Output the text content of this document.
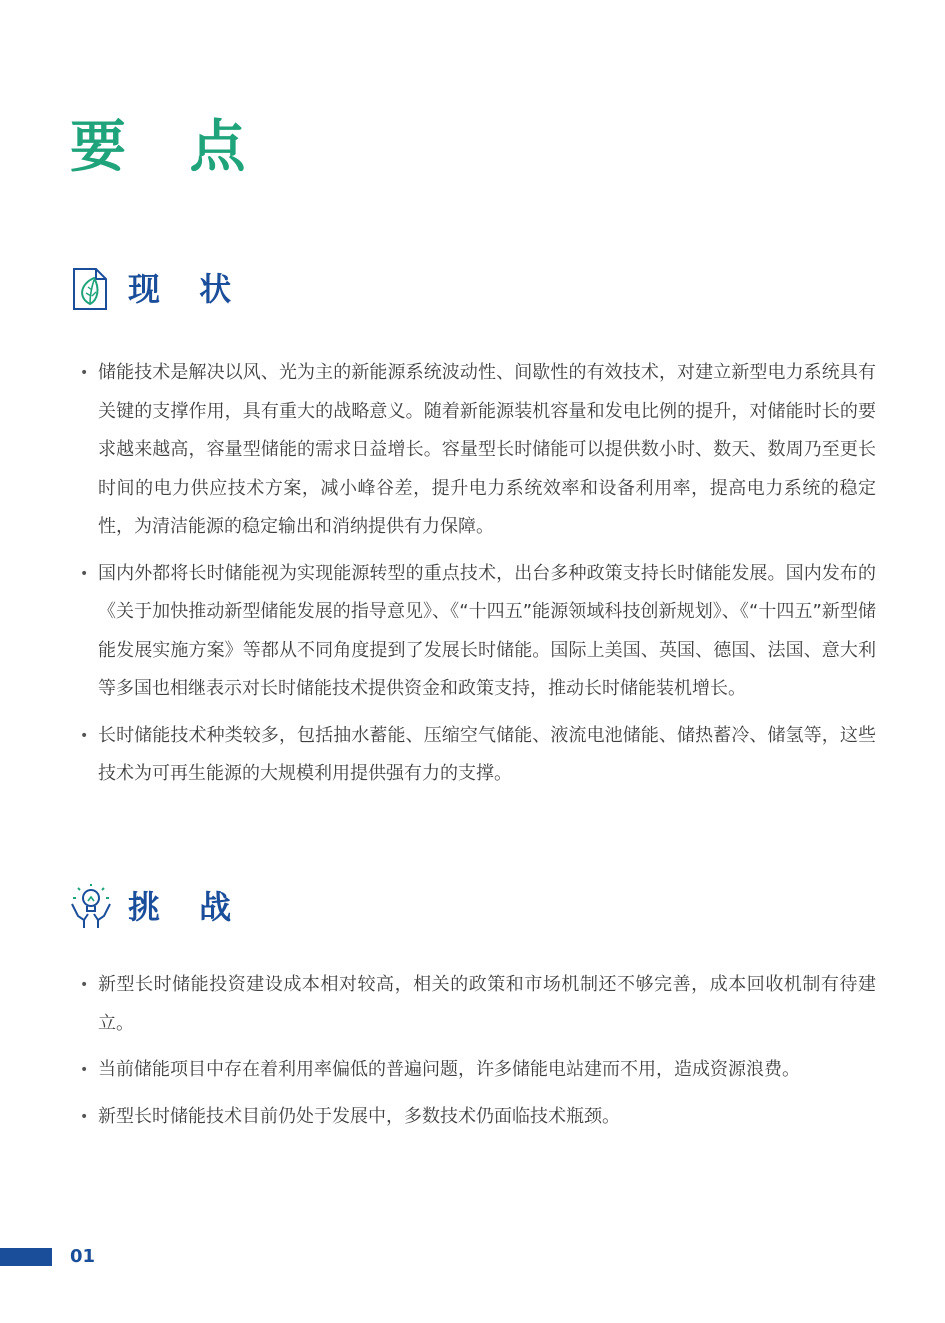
要 点
现 状
• 储能技术是解决以风、光为主的新能源系统波动性、间歇性的有效技术，对建立新型电力系统具有关键的支撑作用，具有重大的战略意义。随着新能源装机容量和发电比例的提升，对储能时长的要求越来越高，容量型储能的需求日益增长。容量型长时储能可以提供数小时、数天、数周乃至更长时间的电力供应技术方案，减小峰谷差，提升电力系统效率和设备利用率，提高电力系统的稳定性，为清洁能源的稳定输出和消纳提供有力保障。
• 国内外都将长时储能视为实现能源转型的重点技术，出台多种政策支持长时储能发展。国内发布的《关于加快推动新型储能发展的指导意见》、《“十四五”能源领域科技创新规划》、《“十四五”新型储能发展实施方案》等都从不同角度提到了发展长时储能。国际上美国、英国、德国、法国、意大利等多国也相继表示对长时储能技术提供资金和政策支持，推动长时储能装机增长。
• 长时储能技术种类较多，包括抽水蓄能、压缩空气储能、液流电池储能、储热蓄冷、储氢等，这些技术为可再生能源的大规模利用提供强有力的支撑。
挑 战
• 新型长时储能投资建设成本相对较高，相关的政策和市场机制还不够完善，成本回收机制有待建立。
• 当前储能项目中存在着利用率偏低的普遍问题，许多储能电站建而不用，造成资源浪费。
• 新型长时储能技术目前仍处于发展中，多数技术仍面临技术瓶颈。
01
